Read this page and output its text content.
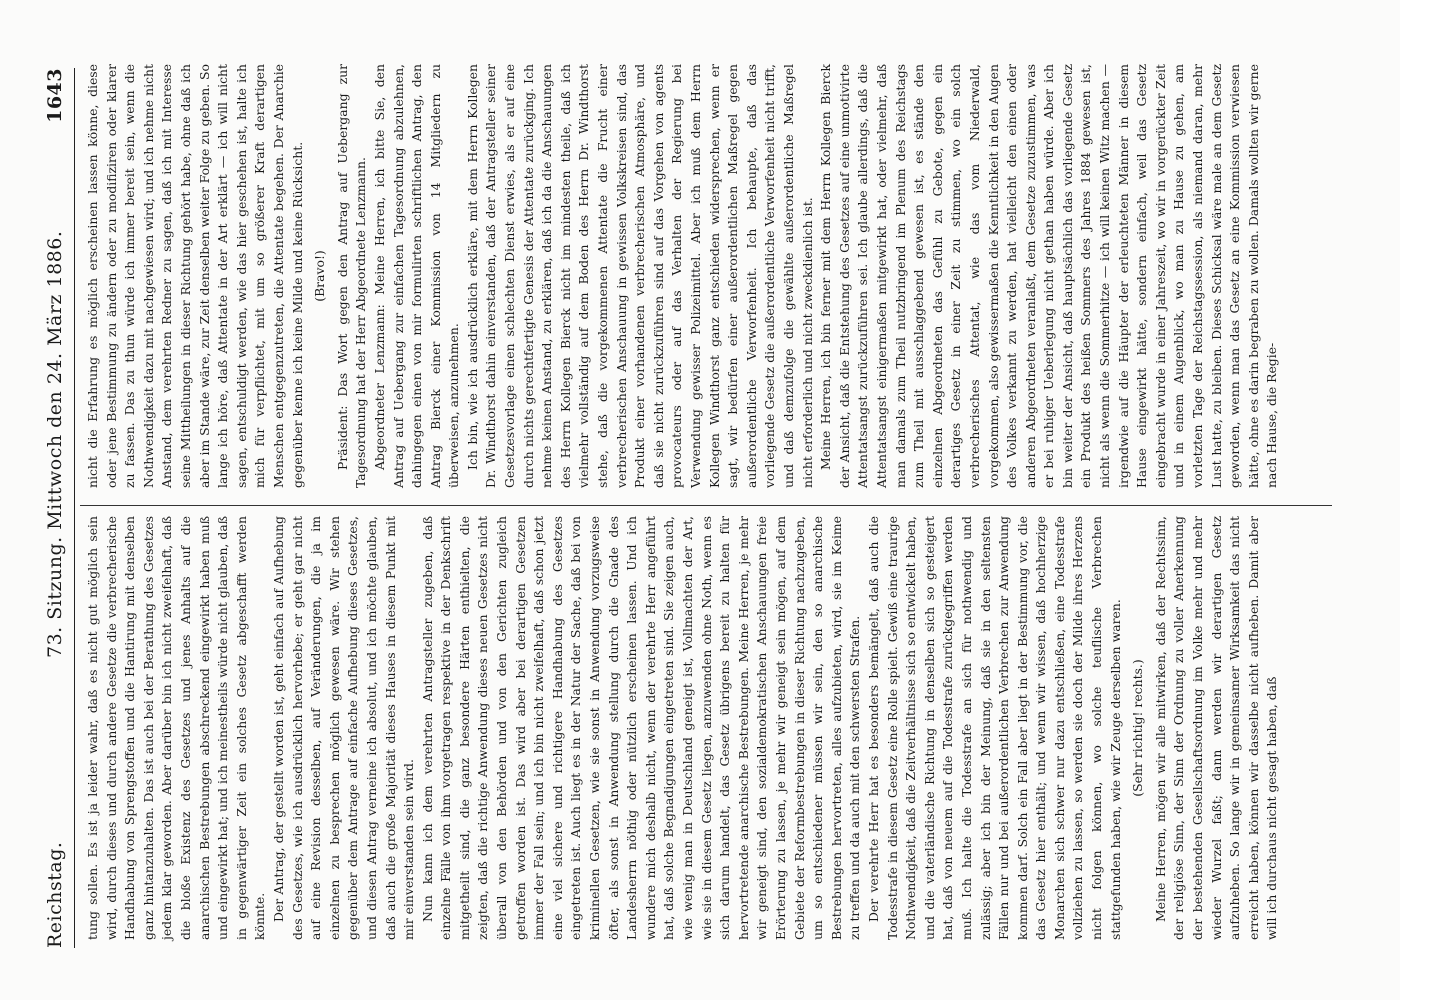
Reichstag.
73. Sitzung. Mittwoch den 24. März 1886.
1643

tung sollen. Es ist ja leider wahr, daß es nicht gut möglich sein wird, durch dieses und durch andere Gesetze die verbrecherische Handhabung von Sprengstoffen und die Hantirung mit denselben ganz hintanzuhalten. Das ist auch bei der Berathung des Gesetzes jedem klar geworden. Aber darüber bin ich nicht zweifelhaft, daß die bloße Existenz des Gesetzes und jenes Anhalts auf die anarchischen Bestrebungen abschreckend eingewirkt haben muß und eingewirkt hat; und ich meinestheils würde nicht glauben, daß in gegenwärtiger Zeit ein solches Gesetz abgeschafft werden könnte. Der Antrag, der gestellt worden ist, geht einfach auf Aufhebung des Gesetzes, wie ich ausdrücklich hervorhebe; er geht gar nicht auf eine Revision desselben, auf Veränderungen, die ja im einzelnen zu besprechen möglich gewesen wäre. Wir stehen gegenüber dem Antrage auf einfache Aufhebung dieses Gesetzes, und diesen Antrag verneine ich absolut, und ich möchte glauben, daß auch die große Majorität dieses Hauses in diesem Punkt mit mir einverstanden sein wird. Nun kann ich dem verehrten Antragsteller zugeben, daß einzelne Fälle von ihm vorgetragen respektive in der Denkschrift mitgetheilt sind, die ganz besondere Härten enthielten, die zeigten, daß die richtige Anwendung dieses neuen Gesetzes nicht überall von den Behörden und von den Gerichten zugleich getroffen worden ist. Das wird aber bei derartigen Gesetzen immer der Fall sein; und ich bin nicht zweifelhaft, daß schon jetzt eine viel sichere und richtigere Handhabung des Gesetzes eingetreten ist. Auch liegt es in der Natur der Sache, daß bei von kriminellen Gesetzen, wie sie sonst in Anwendung vorzugsweise öfter, als sonst in Anwendung stellung durch die Gnade des Landesherrn nöthig oder nützlich erscheinen lassen. Und ich wundere mich deshalb nicht, wenn der verehrte Herr angeführt hat, daß solche Begnadigungen eingetreten sind. Sie zeigen auch, wie wenig man in Deutschland geneigt ist, Vollmachten der Art, wie sie in diesem Gesetz liegen, anzuwenden ohne Noth, wenn es sich darum handelt, das Gesetz übrigens bereit zu halten für hervortretende anarchische Bestrebungen. Meine Herren, je mehr wir geneigt sind, den sozialdemokratischen Anschauungen freie Erörterung zu lassen, je mehr wir geneigt sein mögen, auf dem Gebiete der Reformbestrebungen in dieser Richtung nachzugeben, um so entschiedener müssen wir sein, den so anarchische Bestrebungen hervortreten, alles aufzubieten, wird, sie im Keime zu treffen und da auch mit den schwersten Strafen. Der verehrte Herr hat es besonders bemängelt, daß auch die Todesstrafe in diesem Gesetz eine Rolle spielt. Gewiß eine traurige Nothwendigkeit, daß die Zeitverhältnisse sich so entwickelt haben, und die vaterländische Richtung in denselben sich so gesteigert hat, daß von neuem auf die Todesstrafe zurückgegriffen werden muß. Ich halte die Todesstrafe an sich für nothwendig und zulässig; aber ich bin der Meinung, daß sie in den seltensten Fällen nur und bei außerordentlichen Verbrechen zur Anwendung kommen darf. Solch ein Fall aber liegt in der Bestimmung vor, die das Gesetz hier enthält; und wenn wir wissen, daß hochherzige Monarchen sich schwer nur dazu entschließen, eine Todesstrafe vollziehen zu lassen, so werden sie doch der Milde ihres Herzens nicht folgen können, wo solche teuflische Verbrechen stattgefunden haben, wie wir Zeuge derselben waren. (Sehr richtig! rechts.) Meine Herren, mögen wir alle mitwirken, daß der Rechtssinn, der religiöse Sinn, der Sinn der Ordnung zu voller Anerkennung der bestehenden Gesellschaftsordnung im Volke mehr und mehr wieder Wurzel faßt; dann werden wir derartigen Gesetz aufzuheben. So lange wir in gemeinsamer Wirksamkeit das nicht erreicht haben, können wir dasselbe nicht aufheben. Damit aber will ich durchaus nicht gesagt haben, daß

nicht die Erfahrung es möglich erscheinen lassen könne, diese oder jene Bestimmung zu ändern oder zu modifiziren oder klarer zu fassen. Das zu thun würde ich immer bereit sein, wenn die Nothwendigkeit dazu mit nachgewiesen wird; und ich nehme nicht Anstand, dem verehrten Redner zu sagen, daß ich mit Interesse seine Mittheilungen in dieser Richtung gehört habe, ohne daß ich aber im Stande wäre, zur Zeit denselben weiter Folge zu geben. So lange ich höre, daß Attentate in der Art erklärt — ich will nicht sagen, entschuldigt werden, wie das hier geschehen ist, halte ich mich für verpflichtet, mit um so größerer Kraft derartigen Menschen entgegenzutreten, die Attentate begehen. Der Anarchie gegenüber kenne ich keine Milde und keine Rücksicht. (Bravo!) Präsident: Das Wort gegen den Antrag auf Uebergang zur Tagesordnung hat der Herr Abgeordnete Lenzmann. Abgeordneter Lenzmann: Meine Herren, ich bitte Sie, den Antrag auf Uebergang zur einfachen Tagesordnung abzulehnen, dahingegen einen von mir formulirten schriftlichen Antrag, den Antrag Bierck einer Kommission von 14 Mitgliedern zu überweisen, anzunehmen. Ich bin, wie ich ausdrücklich erkläre, mit dem Herrn Kollegen Dr. Windthorst dahin einverstanden, daß der Antragsteller seiner Gesetzesvorlage einen schlechten Dienst erwies, als er auf eine durch nichts gerechtfertigte Genesis der Attentate zurückging. Ich nehme keinen Anstand, zu erklären, daß ich da die Anschauungen des Herrn Kollegen Bierck nicht im mindesten theile, daß ich vielmehr vollständig auf dem Boden des Herrn Dr. Windthorst stehe, daß die vorgekommenen Attentate die Frucht einer verbrecherischen Anschauung in gewissen Volkskreisen sind, das Produkt einer vorhandenen verbrecherischen Atmosphäre, und daß sie nicht zurückzuführen sind auf das Vorgehen von agents provocateurs oder auf das Verhalten der Regierung bei Verwendung gewisser Polizeimittel. Aber ich muß dem Herrn Kollegen Windthorst ganz entschieden widersprechen, wenn er sagt, wir bedürfen einer außerordentlichen Maßregel gegen außerordentliche Verworfenheit. Ich behaupte, daß das vorliegende Gesetz die außerordentliche Verworfenheit nicht trifft, und daß demzufolge die gewählte außerordentliche Maßregel nicht erforderlich und nicht zweckdienlich ist. Meine Herren, ich bin ferner mit dem Herrn Kollegen Bierck der Ansicht, daß die Entstehung des Gesetzes auf eine unmotivirte Attentatsangst zurückzuführen sei. Ich glaube allerdings, daß die Attentatsangst einigermaßen mitgewirkt hat, oder vielmehr, daß man damals zum Theil nutzbringend im Plenum des Reichstags zum Theil mit ausschlaggebend gewesen ist, es stände den einzelnen Abgeordneten das Gefühl zu Gebote, gegen ein derartiges Gesetz in einer Zeit zu stimmen, wo ein solch verbrecherisches Attentat, wie das vom Niederwald, vorgekommen, also gewissermaßen die Kenntlichkeit in den Augen des Volkes verkannt zu werden, hat vielleicht den einen oder anderen Abgeordneten veranlaßt, dem Gesetze zuzustimmen, was er bei ruhiger Ueberlegung nicht gethan haben würde. Aber ich bin weiter der Ansicht, daß hauptsächlich das vorliegende Gesetz ein Produkt des heißen Sommers des Jahres 1884 gewesen ist, nicht als wenn die Sommerhitze — ich will keinen Witz machen — irgendwie auf die Häupter der erleuchteten Männer in diesem Hause eingewirkt hätte, sondern einfach, weil das Gesetz eingebracht wurde in einer Jahreszeit, wo wir in vorgerückter Zeit und in einem Augenblick, wo man zu Hause zu gehen, am vorletzten Tage der Reichstagssession, als niemand daran, mehr Lust hatte, zu bleiben. Dieses Schicksal wäre male an dem Gesetz geworden, wenn man das Gesetz an eine Kommission verwiesen hätte, ohne es darin begraben zu wollen. Damals wollten wir gerne nach Hause, die Regie-
